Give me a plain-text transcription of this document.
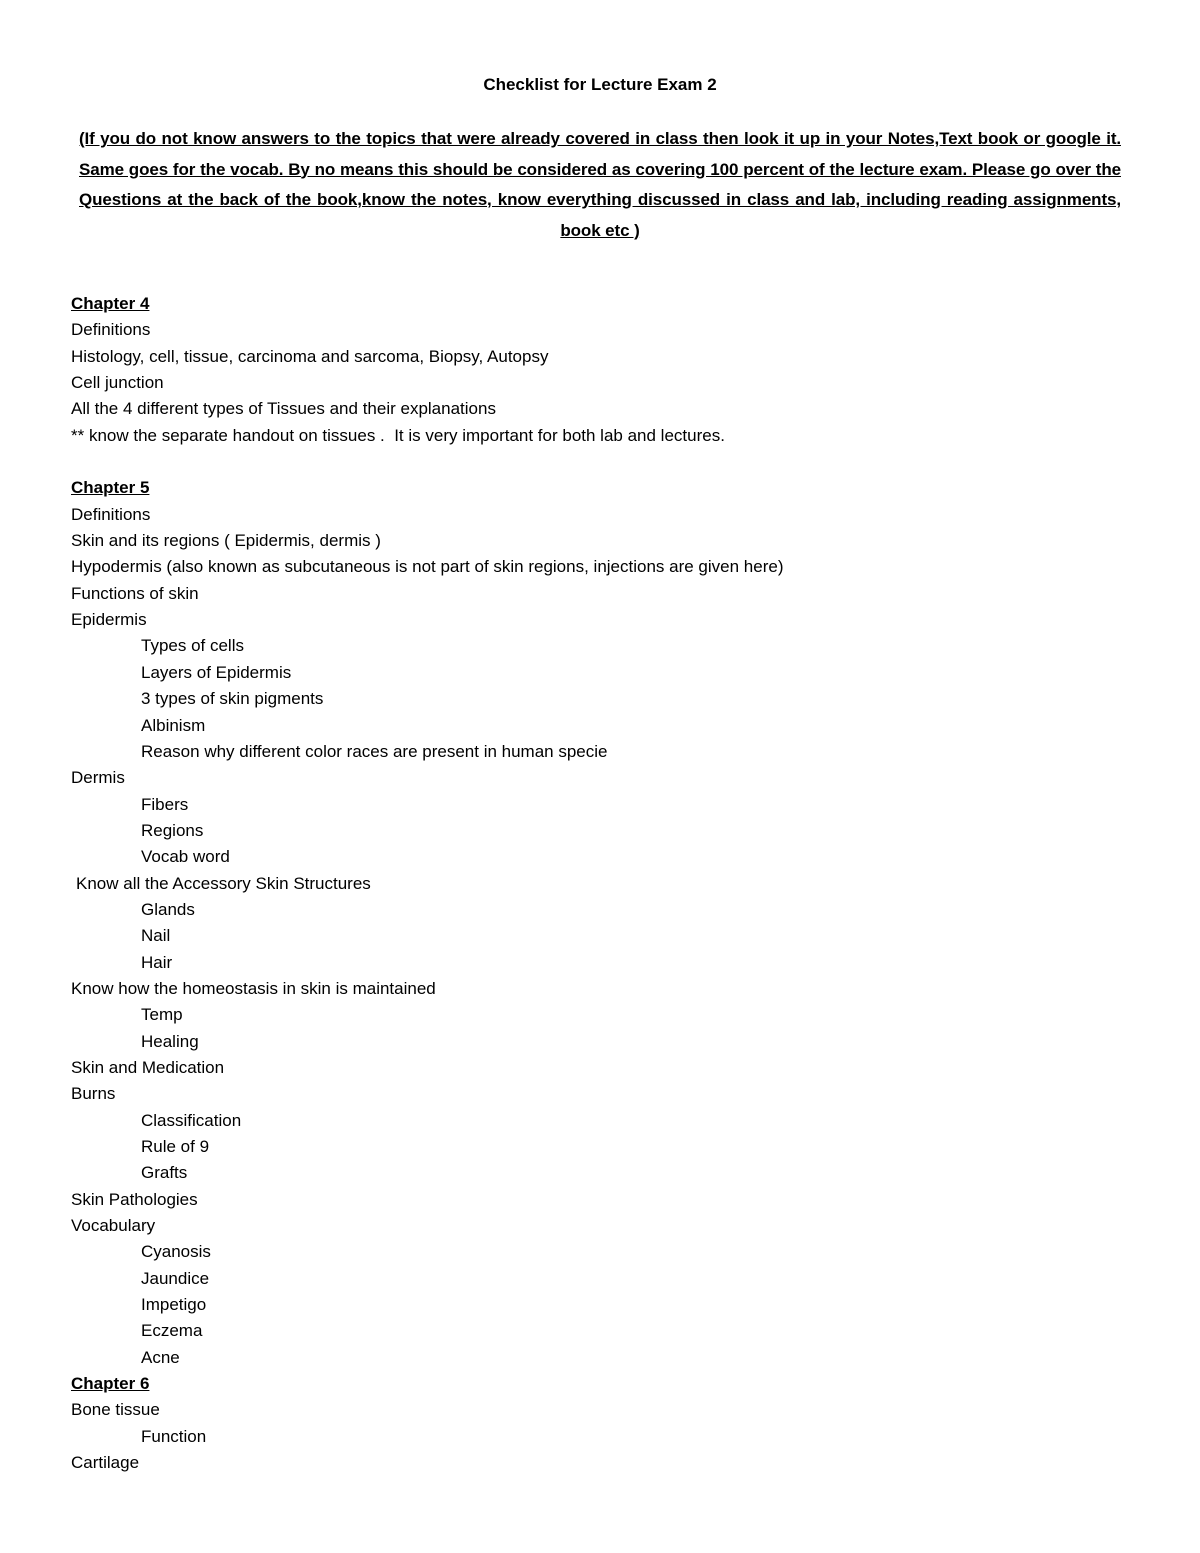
Checklist for Lecture Exam 2
(If you do not know answers to the topics that were already covered in class then look it up in your Notes,Text book or google it. Same goes for the vocab. By no means this should be considered as covering 100 percent of the lecture exam. Please go over the Questions at the back of the book,know the notes, know everything discussed in class and lab, including reading assignments, book etc )
Chapter 4
Definitions
Histology, cell, tissue, carcinoma and sarcoma, Biopsy, Autopsy
Cell junction
All the 4 different types of Tissues and their explanations
** know the separate handout on tissues .  It is very important for both lab and lectures.
Chapter 5
Definitions
Skin and its regions ( Epidermis, dermis )
Hypodermis (also known as subcutaneous is not part of skin regions, injections are given here)
Functions of skin
Epidermis
Types of cells
Layers of Epidermis
3 types of skin pigments
Albinism
Reason why different color races are present in human specie
Dermis
Fibers
Regions
Vocab word
Know all the Accessory Skin Structures
Glands
Nail
Hair
Know how the homeostasis in skin is maintained
Temp
Healing
Skin and Medication
Burns
Classification
Rule of 9
Grafts
Skin Pathologies
Vocabulary
Cyanosis
Jaundice
Impetigo
Eczema
Acne
Chapter 6
Bone tissue
Function
Cartilage
